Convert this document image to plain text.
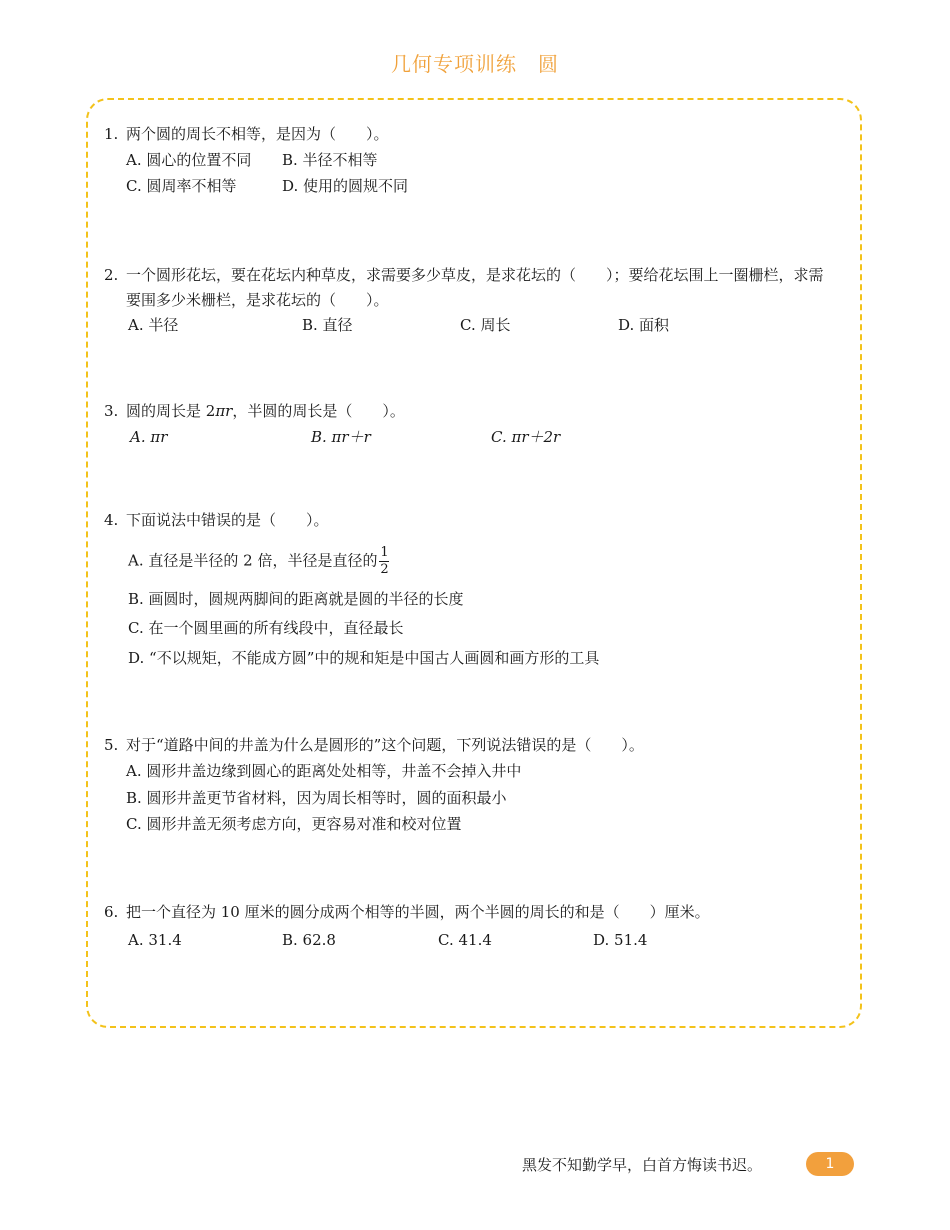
几何专项训练　圆
1. 两个圆的周长不相等，是因为（　　）。
A. 圆心的位置不同 B. 半径不相等
C. 圆周率不相等	D. 使用的圆规不同
2. 一个圆形花坛，要在花坛内种草皮，求需要多少草皮，是求花坛的（　　）；要给花坛围上一圈栅栏，求需
要围多少米栅栏，是求花坛的（　　）。
A. 半径	B. 直径	C. 周长	D. 面积
3. 圆的周长是 2πr，半圆的周长是（　　）。
A. πr	B. πr＋r	C. πr＋2r
4. 下面说法中错误的是（　　）。
A. 直径是半径的 2 倍，半径是直径的 $\frac{1}{2}$
B. 画圆时，圆规两脚间的距离就是圆的半径的长度
C. 在一个圆里画的所有线段中，直径最长
D. “不以规矩，不能成方圆”中的规和矩是中国古人画圆和画方形的工具
5. 对于“道路中间的井盖为什么是圆形的”这个问题，下列说法错误的是（　　）。
A. 圆形井盖边缘到圆心的距离处处相等，井盖不会掉入井中
B. 圆形井盖更节省材料，因为周长相等时，圆的面积最小
C. 圆形井盖无须考虑方向，更容易对准和校对位置
6. 把一个直径为 10 厘米的圆分成两个相等的半圆，两个半圆的周长的和是（　　）厘米。
A. 31.4	B. 62.8	C. 41.4	D. 51.4
黑发不知勤学早，白首方悔读书迟。	1
